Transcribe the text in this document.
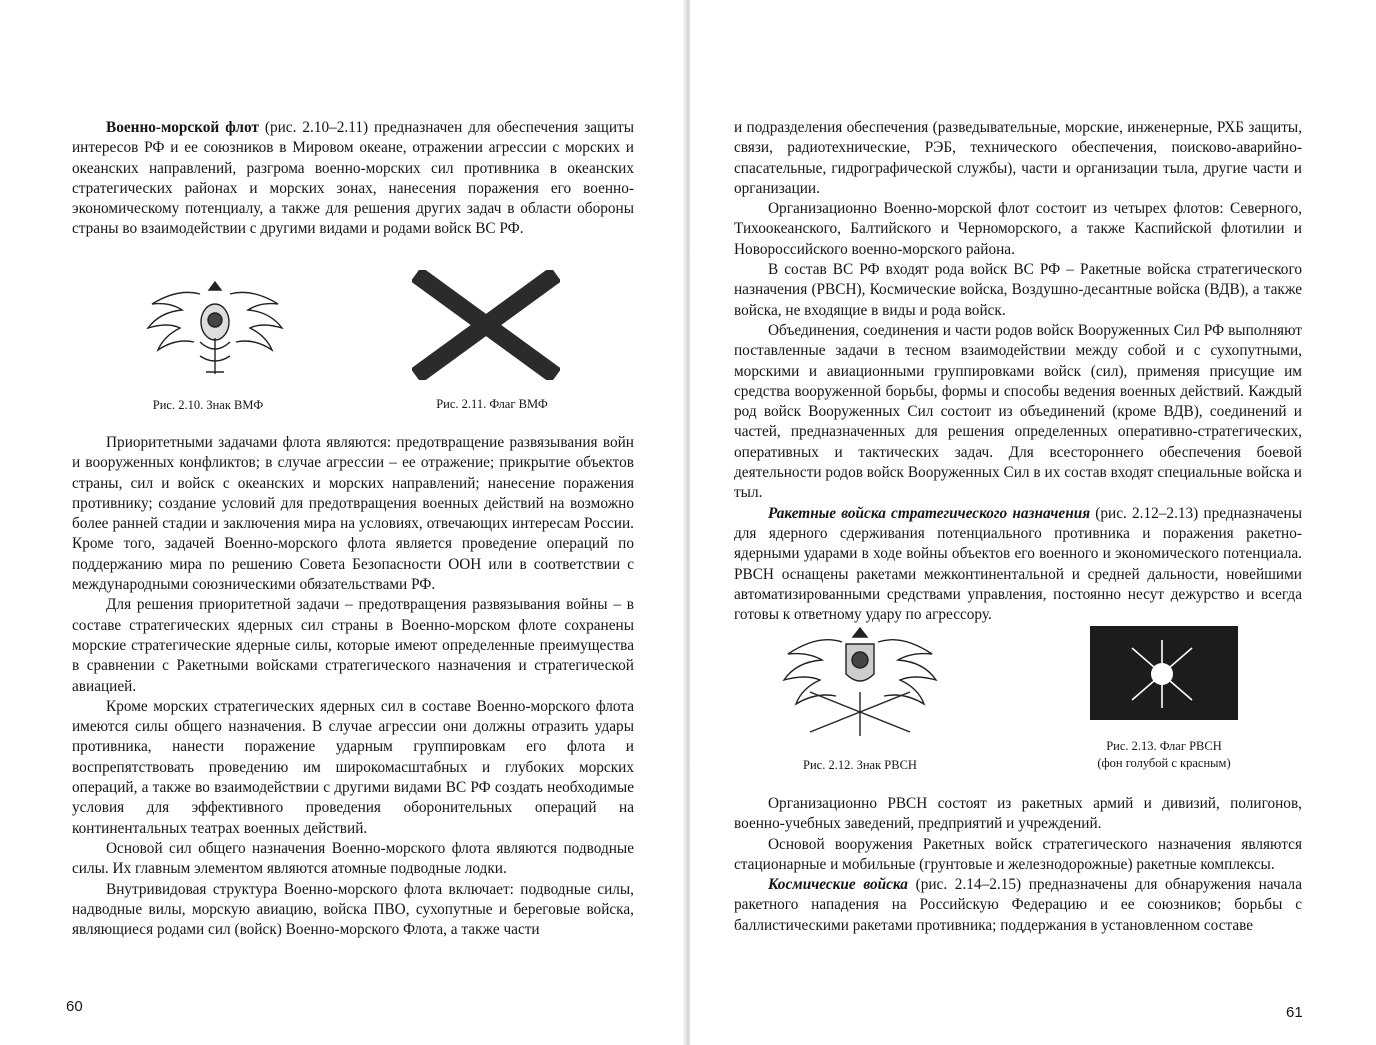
Военно-морской флот (рис. 2.10–2.11) предназначен для обеспечения защиты интересов РФ и ее союзников в Мировом океане, отражении агрессии с морских и океанских направлений, разгрома военно-морских сил противника в океанских стратегических районах и морских зонах, нанесения поражения его военно-экономическому потенциалу, а также для решения других задач в области обороны страны во взаимодействии с другими видами и родами войск ВС РФ.

Рис. 2.10. Знак ВМФ	Рис. 2.11. Флаг ВМФ

Приоритетными задачами флота являются: предотвращение развязывания войн и вооруженных конфликтов; в случае агрессии – ее отражение; прикрытие объектов страны, сил и войск с океанских и морских направлений; нанесение поражения противнику; создание условий для предотвращения военных действий на возможно более ранней стадии и заключения мира на условиях, отвечающих интересам России. Кроме того, задачей Военно-морского флота является проведение операций по поддержанию мира по решению Совета Безопасности ООН или в соответствии с международными союзническими обязательствами РФ.

Для решения приоритетной задачи – предотвращения развязывания войны – в составе стратегических ядерных сил страны в Военно-морском флоте сохранены морские стратегические ядерные силы, которые имеют определенные преимущества в сравнении с Ракетными войсками стратегического назначения и стратегической авиацией.

Кроме морских стратегических ядерных сил в составе Военно-морского флота имеются силы общего назначения. В случае агрессии они должны отразить удары противника, нанести поражение ударным группировкам его флота и воспрепятствовать проведению им широкомасштабных и глубоких морских операций, а также во взаимодействии с другими видами ВС РФ создать необходимые условия для эффективного проведения оборонительных операций на континентальных театрах военных действий.

Основой сил общего назначения Военно-морского флота являются подводные силы. Их главным элементом являются атомные подводные лодки.

Внутривидовая структура Военно-морского флота включает: подводные силы, надводные вилы, морскую авиацию, войска ПВО, сухопутные и береговые войска, являющиеся родами сил (войск) Военно-морского Флота, а также части

60

и подразделения обеспечения (разведывательные, морские, инженерные, РХБ защиты, связи, радиотехнические, РЭБ, технического обеспечения, поисково-аварийно-спасательные, гидрографической службы), части и организации тыла, другие части и организации.

Организационно Военно-морской флот состоит из четырех флотов: Северного, Тихоокеанского, Балтийского и Черноморского, а также Каспийской флотилии и Новороссийского военно-морского района.

В состав ВС РФ входят рода войск ВС РФ – Ракетные войска стратегического назначения (РВСН), Космические войска, Воздушно-десантные войска (ВДВ), а также войска, не входящие в виды и рода войск.

Объединения, соединения и части родов войск Вооруженных Сил РФ выполняют поставленные задачи в тесном взаимодействии между собой и с сухопутными, морскими и авиационными группировками войск (сил), применяя присущие им средства вооруженной борьбы, формы и способы ведения военных действий. Каждый род войск Вооруженных Сил состоит из объединений (кроме ВДВ), соединений и частей, предназначенных для решения определенных оперативно-стратегических, оперативных и тактических задач. Для всестороннего обеспечения боевой деятельности родов войск Вооруженных Сил в их состав входят специальные войска и тыл.

Ракетные войска стратегического назначения (рис. 2.12–2.13) предназначены для ядерного сдерживания потенциального противника и поражения ракетно-ядерными ударами в ходе войны объектов его военного и экономического потенциала. РВСН оснащены ракетами межконтинентальной и средней дальности, новейшими автоматизированными средствами управления, постоянно несут дежурство и всегда готовы к ответному удару по агрессору.

Рис. 2.12. Знак РВСН
Рис. 2.13. Флаг РВСН
(фон голубой с красным)

Организационно РВСН состоят из ракетных армий и дивизий, полигонов, военно-учебных заведений, предприятий и учреждений.

Основой вооружения Ракетных войск стратегического назначения являются стационарные и мобильные (грунтовые и железнодорожные) ракетные комплексы.

Космические войска (рис. 2.14–2.15) предназначены для обнаружения начала ракетного нападения на Российскую Федерацию и ее союзников; борьбы с баллистическими ракетами противника; поддержания в установленном составе

61
